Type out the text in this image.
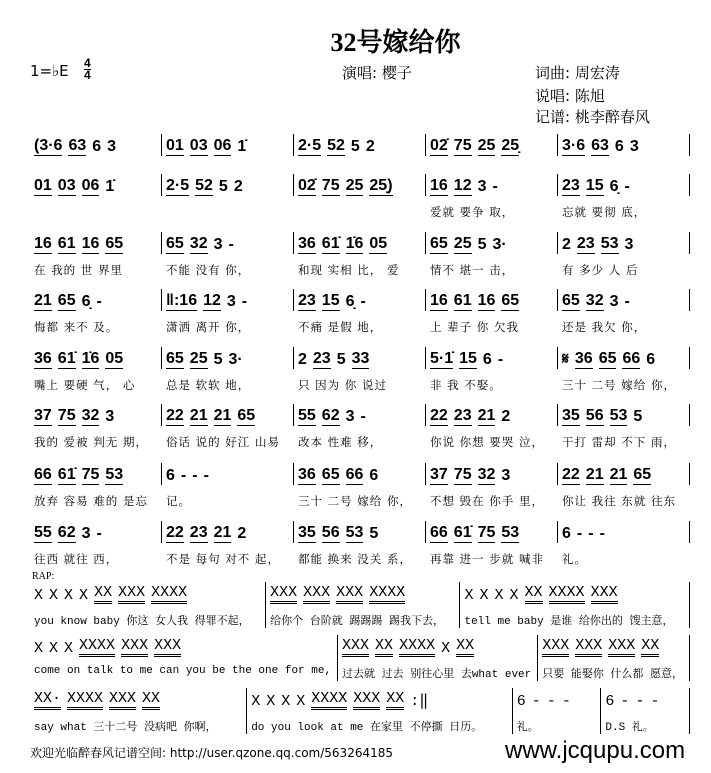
32号嫁给你
1=♭E 4
4	演唱: 樱子	词曲: 周宏涛
说唱: 陈旭
记谱: 桃李醉春风
(3·6 63 6 3	01 03 06 1̇	2·5 52 5 2	02̇ 75 25 25̣	3·6 63 6 3
01 03 06 1̇	2·5 52 5 2	02̇ 75 25 25̣) 16 12 3 -
爱就 要争 取，
23 15 6̣ -
忘就 要彻 底，
16 61 16 65
在 我的 世 界里
65 32 3 -
不能 没有 你，
36 61̇ 1̇6 05
和现 实相 比， 爱
65 25 5 3·
情不 堪一 击，
2 23 53 3
有 多少 人 后
21 65 6̣ -
悔都 来不 及。
‖:16 12 3 -
潇洒 离开 你，
23 15 6̣ -
不痛 是假 地，
16 61 16 65
上 辈子 你 欠我
65 32 3 -
还是 我欠 你，
36 61̇ 1̇6 05
嘴上 要硬 气， 心
65 25 5 3·
总是 软软 地，
2 23 5 33
只 因为 你 说过
5·1̇ 15 6 -
非 我 不娶。
𝄋 36 65 66 6
三十 二号 嫁给 你，
37 75 32 3
我的 爱被 判无 期，
22 21 21 65
俗话 说的 好江 山易
55 62 3 -
改本 性难 移，
22 23 21 2
你说 你想 要哭 泣，
35 56 53 5
干打 雷却 不下 雨，
66 61̇ 75 53
放弃 容易 难的 是忘
6 - - -
记。
36 65 66 6
三十 二号 嫁给 你，
37 75 32 3
不想 毁在 你手 里，
22 21 21 65
你让 我往 东就 往东
55 62 3 -
往西 就往 西，
22 23 21 2
不是 每句 对不 起，
35 56 53 5
都能 换来 没关 系，
66 61̇ 75 53
再靠 进一 步就 喊非
6 - - -
礼。
X X X X XX XXX XXXX
you know baby 你这 女人我 得罪不起，
XXX XXX XXX XXXX
给你个 台阶就 踢踢踢 踢我下去，
X X X X XX XXXX XXX
tell me baby 是谁 给你出的 馊主意，
X X X XXXX XXX XXX
come on talk to me can you be the one for me,
XXX XX XXXX X XX
过去就 过去 别往心里 去what ever
XXX XXX XXX XX
只要 能娶你 什么都 愿意，
XX· XXXX XXX XX
say what 三十二号 没病吧 你啊，
X X X X XXXX XXX XX :‖
do you look at me 在家里 不停撕 日历。
6 - - -
礼。
6 - - -
D.S 礼。
RAP:
欢迎光临醉春风记谱空间: http://user.qzone.qq.com/563264185	www.jcqupu.com
